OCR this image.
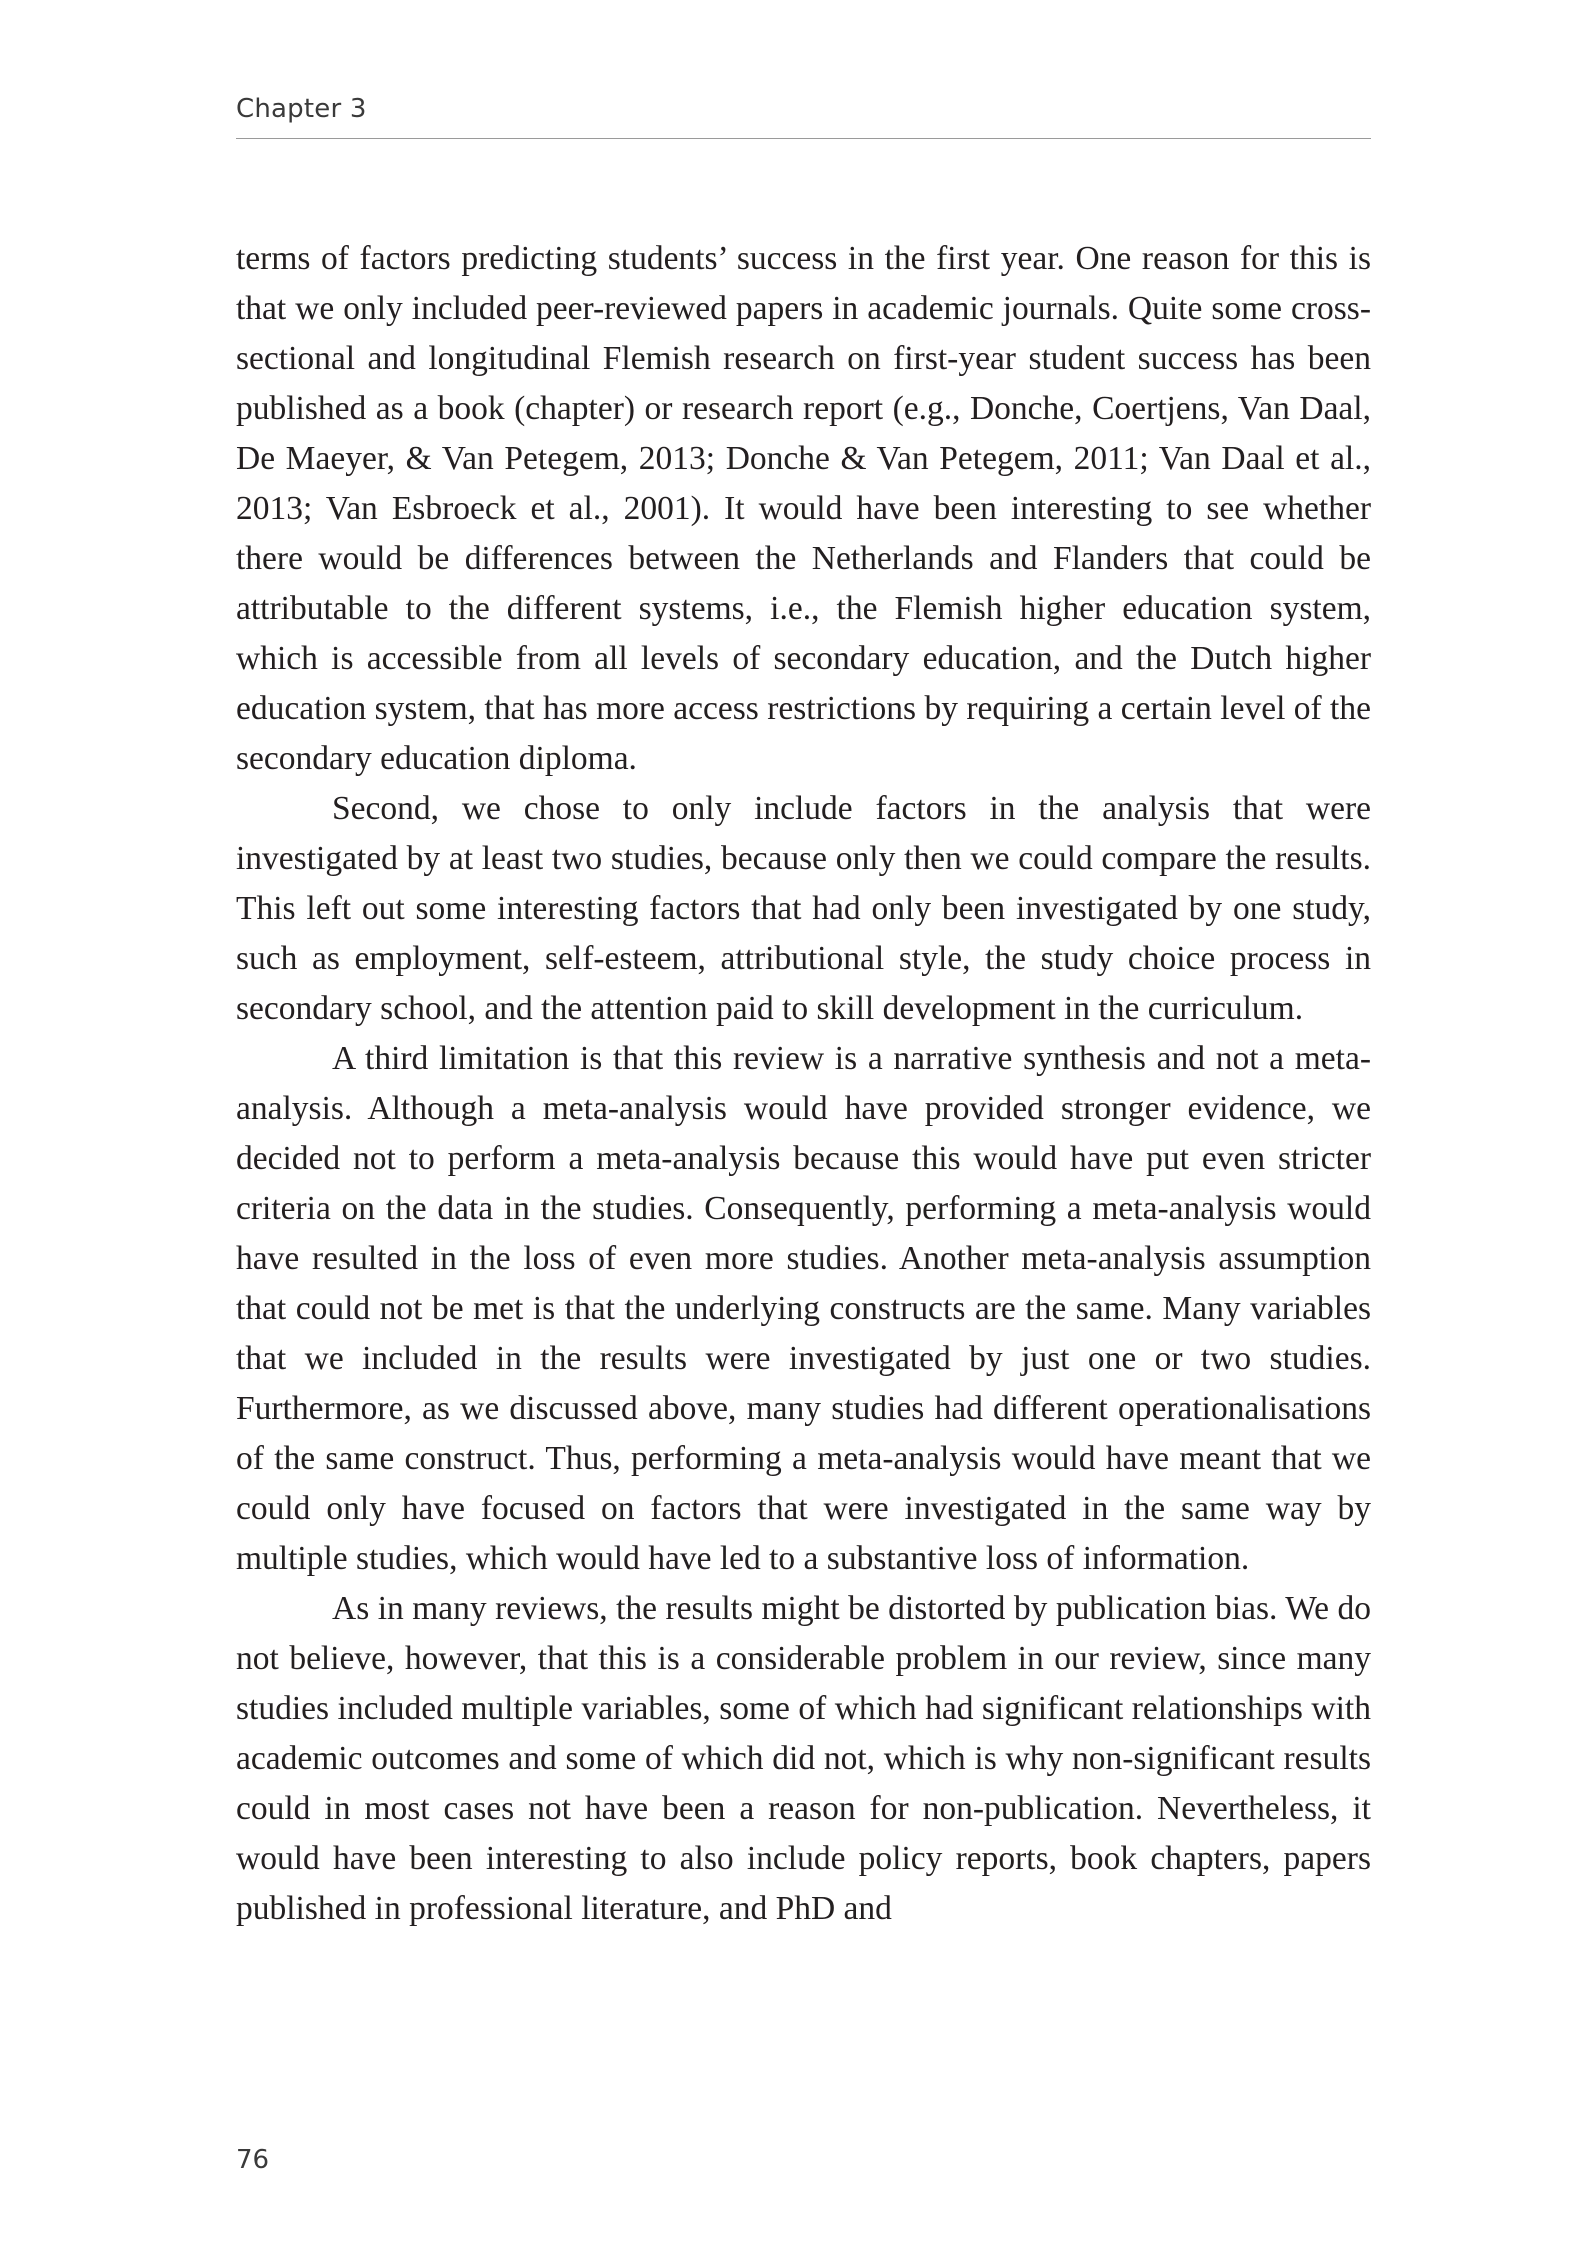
Chapter 3

terms of factors predicting students’ success in the first year. One reason for this is that we only included peer-reviewed papers in academic journals. Quite some cross-sectional and longitudinal Flemish research on first-year student success has been published as a book (chapter) or research report (e.g., Donche, Coertjens, Van Daal, De Maeyer, & Van Petegem, 2013; Donche & Van Petegem, 2011; Van Daal et al., 2013; Van Esbroeck et al., 2001). It would have been interesting to see whether there would be differences between the Netherlands and Flanders that could be attributable to the different systems, i.e., the Flemish higher education system, which is accessible from all levels of secondary education, and the Dutch higher education system, that has more access restrictions by requiring a certain level of the secondary education diploma.

Second, we chose to only include factors in the analysis that were investigated by at least two studies, because only then we could compare the results. This left out some interesting factors that had only been investigated by one study, such as employment, self-esteem, attributional style, the study choice process in secondary school, and the attention paid to skill development in the curriculum.

A third limitation is that this review is a narrative synthesis and not a meta-analysis. Although a meta-analysis would have provided stronger evidence, we decided not to perform a meta-analysis because this would have put even stricter criteria on the data in the studies. Consequently, performing a meta-analysis would have resulted in the loss of even more studies. Another meta-analysis assumption that could not be met is that the underlying constructs are the same. Many variables that we included in the results were investigated by just one or two studies. Furthermore, as we discussed above, many studies had different operationalisations of the same construct. Thus, performing a meta-analysis would have meant that we could only have focused on factors that were investigated in the same way by multiple studies, which would have led to a substantive loss of information.

As in many reviews, the results might be distorted by publication bias. We do not believe, however, that this is a considerable problem in our review, since many studies included multiple variables, some of which had significant relationships with academic outcomes and some of which did not, which is why non-significant results could in most cases not have been a reason for non-publication. Nevertheless, it would have been interesting to also include policy reports, book chapters, papers published in professional literature, and PhD and

76
